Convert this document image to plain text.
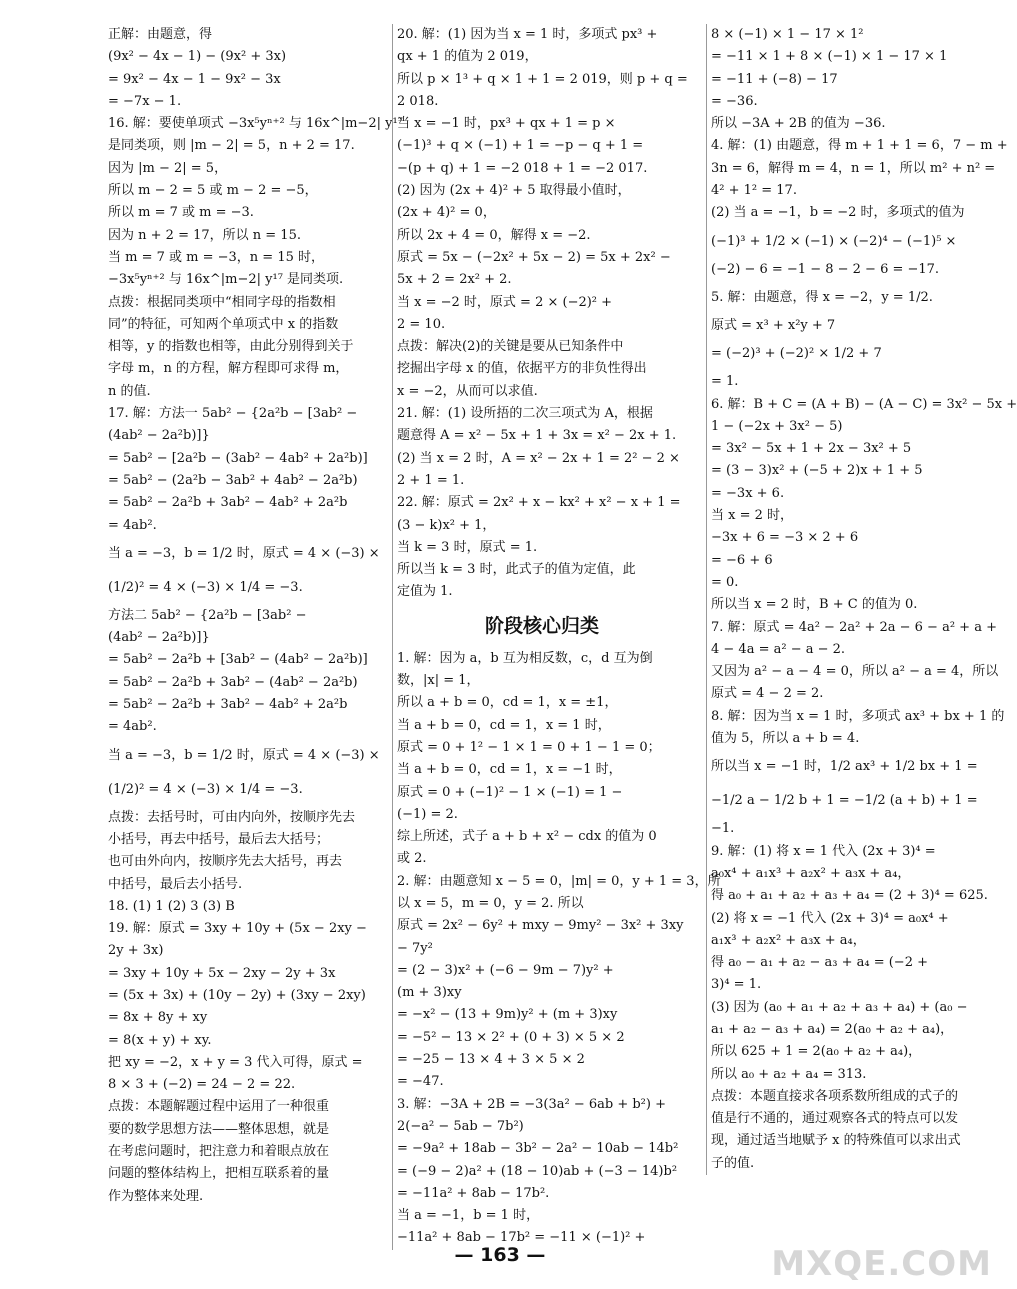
正解：由题意，得
(9x² − 4x − 1) − (9x² + 3x)
= 9x² − 4x − 1 − 9x² − 3x
= −7x − 1.
16. 解：要使单项式 −3x⁵yⁿ⁺² 与 16x^|m−2| y¹⁷
是同类项，则 |m − 2| = 5，n + 2 = 17.
因为 |m − 2| = 5，
所以 m − 2 = 5 或 m − 2 = −5，
所以 m = 7 或 m = −3.
因为 n + 2 = 17，所以 n = 15.
当 m = 7 或 m = −3，n = 15 时，
−3x⁵yⁿ⁺² 与 16x^|m−2| y¹⁷ 是同类项.
点拨：根据同类项中“相同字母的指数相
同”的特征，可知两个单项式中 x 的指数
相等，y 的指数也相等，由此分别得到关于
字母 m，n 的方程，解方程即可求得 m，
n 的值.
17. 解：方法一 5ab² − {2a²b − [3ab² −
(4ab² − 2a²b)]}
= 5ab² − [2a²b − (3ab² − 4ab² + 2a²b)]
= 5ab² − (2a²b − 3ab² + 4ab² − 2a²b)
= 5ab² − 2a²b + 3ab² − 4ab² + 2a²b
= 4ab².
当 a = −3，b = 1/2 时，原式 = 4 × (−3) ×
(1/2)² = 4 × (−3) × 1/4 = −3.
方法二 5ab² − {2a²b − [3ab² −
(4ab² − 2a²b)]}
= 5ab² − 2a²b + [3ab² − (4ab² − 2a²b)]
= 5ab² − 2a²b + 3ab² − (4ab² − 2a²b)
= 5ab² − 2a²b + 3ab² − 4ab² + 2a²b
= 4ab².
当 a = −3，b = 1/2 时，原式 = 4 × (−3) ×
(1/2)² = 4 × (−3) × 1/4 = −3.
点拨：去括号时，可由内向外，按顺序先去
小括号，再去中括号，最后去大括号；
也可由外向内，按顺序先去大括号，再去
中括号，最后去小括号.
18. (1) 1 (2) 3 (3) B
19. 解：原式 = 3xy + 10y + (5x − 2xy −
2y + 3x)
= 3xy + 10y + 5x − 2xy − 2y + 3x
= (5x + 3x) + (10y − 2y) + (3xy − 2xy)
= 8x + 8y + xy
= 8(x + y) + xy.
把 xy = −2，x + y = 3 代入可得，原式 =
8 × 3 + (−2) = 24 − 2 = 22.
点拨：本题解题过程中运用了一种很重
要的数学思想方法——整体思想，就是
在考虑问题时，把注意力和着眼点放在
问题的整体结构上，把相互联系着的量
作为整体来处理.
20. 解：(1) 因为当 x = 1 时，多项式 px³ +
qx + 1 的值为 2 019，
所以 p × 1³ + q × 1 + 1 = 2 019，则 p + q =
2 018.
当 x = −1 时，px³ + qx + 1 = p ×
(−1)³ + q × (−1) + 1 = −p − q + 1 =
−(p + q) + 1 = −2 018 + 1 = −2 017.
(2) 因为 (2x + 4)² + 5 取得最小值时，
(2x + 4)² = 0，
所以 2x + 4 = 0，解得 x = −2.
原式 = 5x − (−2x² + 5x − 2) = 5x + 2x² −
5x + 2 = 2x² + 2.
当 x = −2 时，原式 = 2 × (−2)² +
2 = 10.
点拨：解决(2)的关键是要从已知条件中
挖掘出字母 x 的值，依据平方的非负性得出
x = −2，从而可以求值.
21. 解：(1) 设所捂的二次三项式为 A，根据
题意得 A = x² − 5x + 1 + 3x = x² − 2x + 1.
(2) 当 x = 2 时，A = x² − 2x + 1 = 2² − 2 ×
2 + 1 = 1.
22. 解：原式 = 2x² + x − kx² + x² − x + 1 =
(3 − k)x² + 1，
当 k = 3 时，原式 = 1.
所以当 k = 3 时，此式子的值为定值，此
定值为 1.
阶段核心归类
1. 解：因为 a，b 互为相反数，c，d 互为倒
数，|x| = 1，
所以 a + b = 0，cd = 1，x = ±1，
当 a + b = 0，cd = 1，x = 1 时，
原式 = 0 + 1² − 1 × 1 = 0 + 1 − 1 = 0；
当 a + b = 0，cd = 1，x = −1 时，
原式 = 0 + (−1)² − 1 × (−1) = 1 −
(−1) = 2.
综上所述，式子 a + b + x² − cdx 的值为 0
或 2.
2. 解：由题意知 x − 5 = 0，|m| = 0，y + 1 = 3，所
以 x = 5，m = 0，y = 2. 所以
原式 = 2x² − 6y² + mxy − 9my² − 3x² + 3xy
− 7y²
= (2 − 3)x² + (−6 − 9m − 7)y² +
(m + 3)xy
= −x² − (13 + 9m)y² + (m + 3)xy
= −5² − 13 × 2² + (0 + 3) × 5 × 2
= −25 − 13 × 4 + 3 × 5 × 2
= −47.
3. 解：−3A + 2B = −3(3a² − 6ab + b²) +
2(−a² − 5ab − 7b²)
= −9a² + 18ab − 3b² − 2a² − 10ab − 14b²
= (−9 − 2)a² + (18 − 10)ab + (−3 − 14)b²
= −11a² + 8ab − 17b².
当 a = −1，b = 1 时，
−11a² + 8ab − 17b² = −11 × (−1)² +
8 × (−1) × 1 − 17 × 1²
= −11 × 1 + 8 × (−1) × 1 − 17 × 1
= −11 + (−8) − 17
= −36.
所以 −3A + 2B 的值为 −36.
4. 解：(1) 由题意，得 m + 1 + 1 = 6，7 − m +
3n = 6，解得 m = 4，n = 1，所以 m² + n² =
4² + 1² = 17.
(2) 当 a = −1，b = −2 时，多项式的值为
(−1)³ + 1/2 × (−1) × (−2)⁴ − (−1)⁵ ×
(−2) − 6 = −1 − 8 − 2 − 6 = −17.
5. 解：由题意，得 x = −2，y = 1/2.
原式 = x³ + x²y + 7
= (−2)³ + (−2)² × 1/2 + 7
= 1.
6. 解：B + C = (A + B) − (A − C) = 3x² − 5x +
1 − (−2x + 3x² − 5)
= 3x² − 5x + 1 + 2x − 3x² + 5
= (3 − 3)x² + (−5 + 2)x + 1 + 5
= −3x + 6.
当 x = 2 时，
−3x + 6 = −3 × 2 + 6
= −6 + 6
= 0.
所以当 x = 2 时，B + C 的值为 0.
7. 解：原式 = 4a² − 2a² + 2a − 6 − a² + a +
4 − 4a = a² − a − 2.
又因为 a² − a − 4 = 0，所以 a² − a = 4，所以
原式 = 4 − 2 = 2.
8. 解：因为当 x = 1 时，多项式 ax³ + bx + 1 的
值为 5，所以 a + b = 4.
所以当 x = −1 时，1/2 ax³ + 1/2 bx + 1 =
−1/2 a − 1/2 b + 1 = −1/2 (a + b) + 1 =
−1.
9. 解：(1) 将 x = 1 代入 (2x + 3)⁴ =
a₀x⁴ + a₁x³ + a₂x² + a₃x + a₄，
得 a₀ + a₁ + a₂ + a₃ + a₄ = (2 + 3)⁴ = 625.
(2) 将 x = −1 代入 (2x + 3)⁴ = a₀x⁴ +
a₁x³ + a₂x² + a₃x + a₄，
得 a₀ − a₁ + a₂ − a₃ + a₄ = (−2 +
3)⁴ = 1.
(3) 因为 (a₀ + a₁ + a₂ + a₃ + a₄) + (a₀ −
a₁ + a₂ − a₃ + a₄) = 2(a₀ + a₂ + a₄)，
所以 625 + 1 = 2(a₀ + a₂ + a₄)，
所以 a₀ + a₂ + a₄ = 313.
点拨：本题直接求各项系数所组成的式子的
值是行不通的，通过观察各式的特点可以发
现，通过适当地赋予 x 的特殊值可以求出式
子的值.
— 163 —	MXQE.COM
